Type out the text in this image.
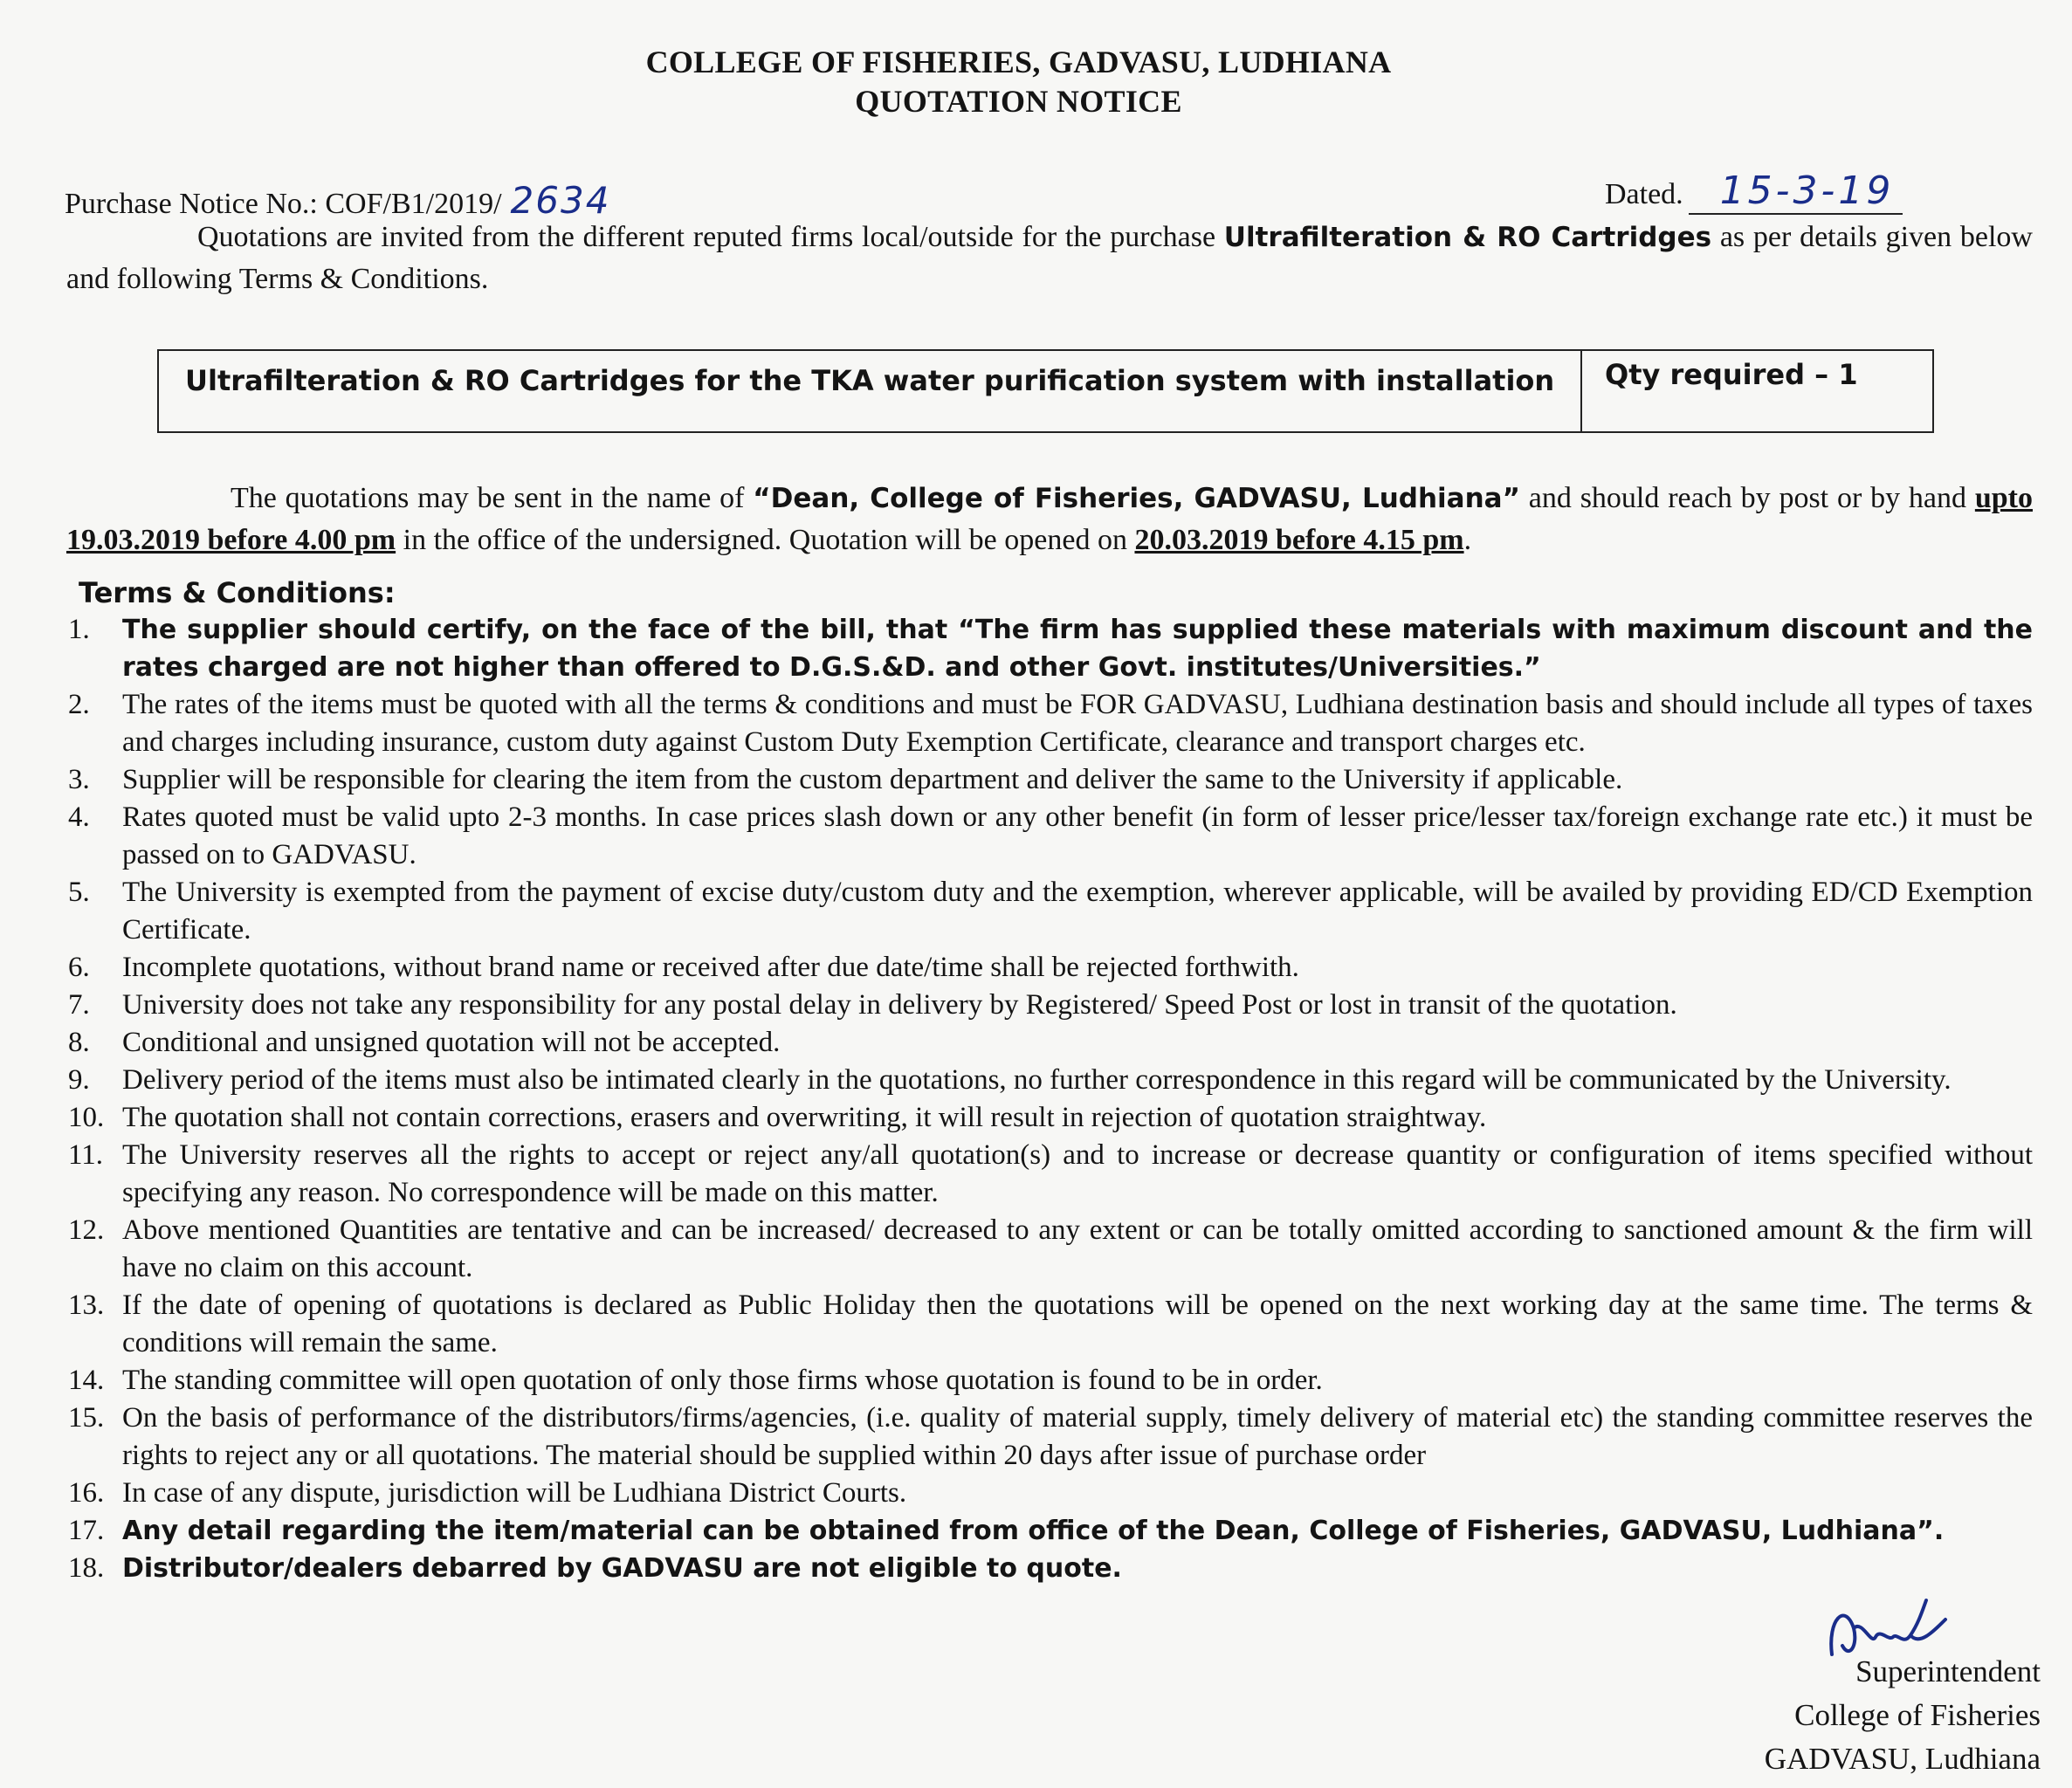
COLLEGE OF FISHERIES, GADVASU, LUDHIANA
QUOTATION NOTICE
Purchase Notice No.: COF/B1/2019/ 2634	Dated. 15-3-19
Quotations are invited from the different reputed firms local/outside for the purchase Ultrafilteration & RO Cartridges as per details given below and following Terms & Conditions.
Ultrafilteration & RO Cartridges for the TKA water purification system with installation	Qty required – 1
The quotations may be sent in the name of “Dean, College of Fisheries, GADVASU, Ludhiana” and should reach by post or by hand upto 19.03.2019 before 4.00 pm in the office of the undersigned. Quotation will be opened on 20.03.2019 before 4.15 pm.
Terms & Conditions:
1. The supplier should certify, on the face of the bill, that “The firm has supplied these materials with maximum discount and the rates charged are not higher than offered to D.G.S.&D. and other Govt. institutes/Universities.”
2. The rates of the items must be quoted with all the terms & conditions and must be FOR GADVASU, Ludhiana destination basis and should include all types of taxes and charges including insurance, custom duty against Custom Duty Exemption Certificate, clearance and transport charges etc.
3. Supplier will be responsible for clearing the item from the custom department and deliver the same to the University if applicable.
4. Rates quoted must be valid upto 2-3 months. In case prices slash down or any other benefit (in form of lesser price/lesser tax/foreign exchange rate etc.) it must be passed on to GADVASU.
5. The University is exempted from the payment of excise duty/custom duty and the exemption, wherever applicable, will be availed by providing ED/CD Exemption Certificate.
6. Incomplete quotations, without brand name or received after due date/time shall be rejected forthwith.
7. University does not take any responsibility for any postal delay in delivery by Registered/ Speed Post or lost in transit of the quotation.
8. Conditional and unsigned quotation will not be accepted.
9. Delivery period of the items must also be intimated clearly in the quotations, no further correspondence in this regard will be communicated by the University.
10. The quotation shall not contain corrections, erasers and overwriting, it will result in rejection of quotation straightway.
11. The University reserves all the rights to accept or reject any/all quotation(s) and to increase or decrease quantity or configuration of items specified without specifying any reason. No correspondence will be made on this matter.
12. Above mentioned Quantities are tentative and can be increased/ decreased to any extent or can be totally omitted according to sanctioned amount & the firm will have no claim on this account.
13. If the date of opening of quotations is declared as Public Holiday then the quotations will be opened on the next working day at the same time. The terms & conditions will remain the same.
14. The standing committee will open quotation of only those firms whose quotation is found to be in order.
15. On the basis of performance of the distributors/firms/agencies, (i.e. quality of material supply, timely delivery of material etc) the standing committee reserves the rights to reject any or all quotations. The material should be supplied within 20 days after issue of purchase order
16. In case of any dispute, jurisdiction will be Ludhiana District Courts.
17. Any detail regarding the item/material can be obtained from office of the Dean, College of Fisheries, GADVASU, Ludhiana”.
18. Distributor/dealers debarred by GADVASU are not eligible to quote.
Superintendent
College of Fisheries
GADVASU, Ludhiana
